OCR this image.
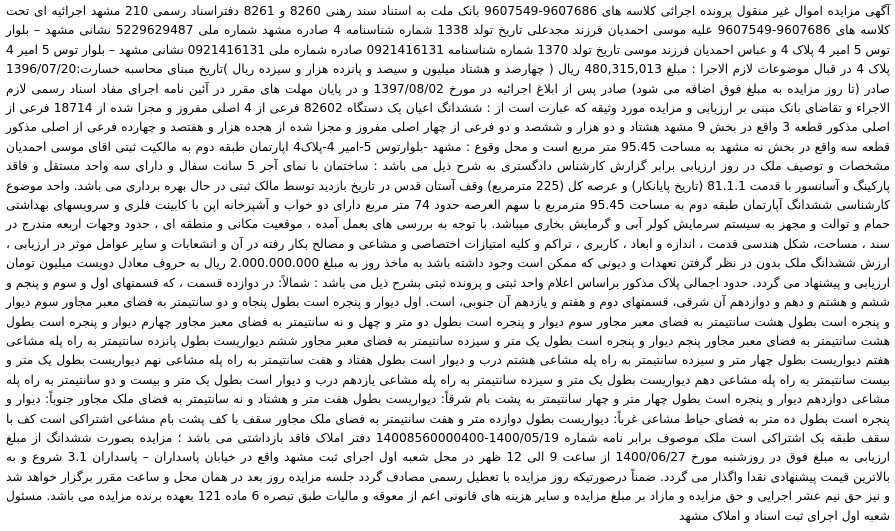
آگهی مزایده اموال غیر منقول پرونده اجرائی کلاسه های 9607686-9607549 بانک ملت به استناد سند رهنی 8260 و 8261 دفتراسناد رسمی 210 مشهد اجرائیه ای تحت کلاسه های 9607686-9607549 علیه موسی احمدیان فرزند مجدعلی تاریخ تولد 1338 شماره شناسنامه 4 صادره مشهد شماره ملی 5229629487 نشانی مشهد – بلوار توس 5 امیر 4 پلاک 4 و عباس احمدیان فرزند موسی تاریخ تولد 1370 شماره شناسنامه 0921416131 صادره شماره ملی 0921416131 نشانی مشهد – بلوار توس 5 امیر 4 پلاک 4 در قبال موضوعات لازم الاجرا : مبلغ 480,315,013 ریال ( چهارصد و هشتاد میلیون و سیصد و پانزده هزار و سیزده ریال )تاریخ مبنای محاسبه خسارت:1396/07/20 صادر (تا روز مزایده به مبلغ فوق اضافه می شود) صادر پس از ابلاغ اجرائیه در مورخ 1397/08/02 و در پایان مهلت های مقرر در آئین نامه اجرای مفاد اسناد رسمی لازم الاجراء و تقاضای بانک مبنی بر ارزیابی و مزایده مورد وثیقه که عبارت است از : ششدانگ اعیان یک دستگاه 82602 فرعی از 4 اصلی مفروز و مجزا شده از 18714 فرعی از اصلی مذکور قطعه 3 واقع در بخش 9 مشهد هشتاد و دو هزار و ششصد و دو فرعی از چهار اصلی مفروز و مجزا شده از هجده هزار و هفتصد و چهارده فرعی از اصلی مذکور قطعه سه واقع در بخش نه مشهد به مساحت 95.45 متر مربع است و محل وقوع : مشهد -بلوارتوس 5-امیر 4-پلاک4 اپارتمان طبقه دوم به مالکیت ثبتی اقای موسی احمدیان مشخصات و توصیف ملک در روز ارزیابی برابر گزارش کارشناس دادگستری به شرح ذیل می باشد : ساختمان با نمای آجر 5 سانت سفال و دارای سه واحد مستقل و فاقد پارکینگ و آسانسور با قدمت 81.1.1 (تاریخ پایانکار) و عرصه کل (225 مترمربع) وقف آستان قدس در تاریخ بازدید توسط مالک ثبتی در حال بهره برداری می باشد. واحد موضوع کارشناسی ششدانگ آپارتمان طبقه دوم به مساحت 95.45 مترمربع با سهم العرصه حدود 74 متر مربع دارای دو خواب و آشپزخانه اپن با کابینت فلزی و سرویسهای بهداشتی حمام و توالت و مجهز به سیستم سرمایش کولر آبی و گرمایش بخاری میباشد. با توجه به بررسی های بعمل آمده ، موقعیت مکانی و منطقه ای ، حدود وجهات اربعه مندرج در سند ، مساحت، شکل هندسی قدمت ، اندازه و ابعاد ، کاربری ، تراکم و کلیه امتیازات اختصاصی و مشاعی و مصالح بکار رفته در آن و انشعابات و سایر عوامل موثر در ارزیابی ، ارزش ششدانگ ملک بدون در نظر گرفتن تعهدات و دیونی که ممکن است وجود داشته باشد به ماخذ روز به مبلغ 2.000.000.000 ریال به حروف معادل دویست میلیون تومان ارزیابی و پیشنهاد می گردد. حدود اجمالی پلاک مذکور براساس اعلام واحد ثبتی و پرونده ثبتی بشرح ذیل می باشد : شمالاً: در دوازده قسمت ، که قسمتهای اول و سوم و پنجم و ششم و هشتم و دهم و دوازدهم آن شرقی، قسمتهای دوم و هفتم و یازدهم آن جنوبی، است. اول دیوار و پنجره است بطول پنجاه و دو سانتیمتر به فضای معبر مجاور سوم دیوار و پنجره است بطول هشت سانتیمتر به فضای معبر مجاور سوم دیوار و پنجره است بطول دو متر و چهل و نه سانتیمتر به فضای معبر مجاور چهارم دیوار و پنجره است بطول هشت سانتیمتر به فضای معبر مجاور پنجم دیوار و پنجره است بطول یک متر و سیزده سانتیمتر به فضای معبر مجاور ششم دیواریست بطول پانزده سانتیمتر به راه پله مشاعی هفتم دیواریست بطول چهار متر و سیزده سانتیمتر به راه پله مشاعی هشتم درب و دیوار است بطول هفتاد و هفت سانتیمتر به راه پله مشاعی نهم دیواریست بطول یک متر و بیست سانتیمتر به راه پله مشاعی دهم دیواریست بطول یک متر و سیزده سانتیمتر به راه پله مشاعی یازدهم درب و دیوار است بطول یک متر و بیست و دو سانتیمتر به راه پله مشاعی دوازدهم دیوار و پنجره است بطول چهار متر و چهار سانتیمتر به پشت بام شرقاً: دیواریست بطول هفت متر و هشتاد و نه سانتیمتر به فضای ملک مجاور جنوباً: دیوار و پنجره است بطول ده متر به فضای حیاط مشاعی غرباً: دیواریست بطول دوازده متر و هفت سانتیمتر به فضای ملک مجاور سقف با کف پشت بام مشاعی اشتراکی است کف با سقف طبقه یک اشتراکی است ملک موصوف برابر نامه شماره 1400/05/19-14008560000400 دفتر املاک فاقد بازداشتی می باشد ؛ مزایده بصورت ششدانگ از مبلغ ارزیابی به مبلغ فوق در روزشنبه مورخ 1400/06/27 از ساعت 9 الی 12 ظهر در محل شعبه اول اجرای ثبت مشهد واقع در خیابان پاسداران – پاسداران 3.1 شروع و به بالاترین قیمت پیشنهادی نقدا واگذار می گردد. ضمناً درصورتیکه روز مزایده با تعطیل رسمی مصادف گردد جلسه مزایده روز بعد در همان محل و ساعت مقرر برگزار خواهد شد و نیز حق نیم عشر اجرایی و حق مزایده و مازاد بر مبلغ مزایده و سایر هزینه های قانونی اعم از معوقه و مالیات طبق تبصره 6 ماده 121 بعهده برنده مزایده می باشد. مسئول شعبه اول اجرای ثبت اسناد و املاک مشهد
